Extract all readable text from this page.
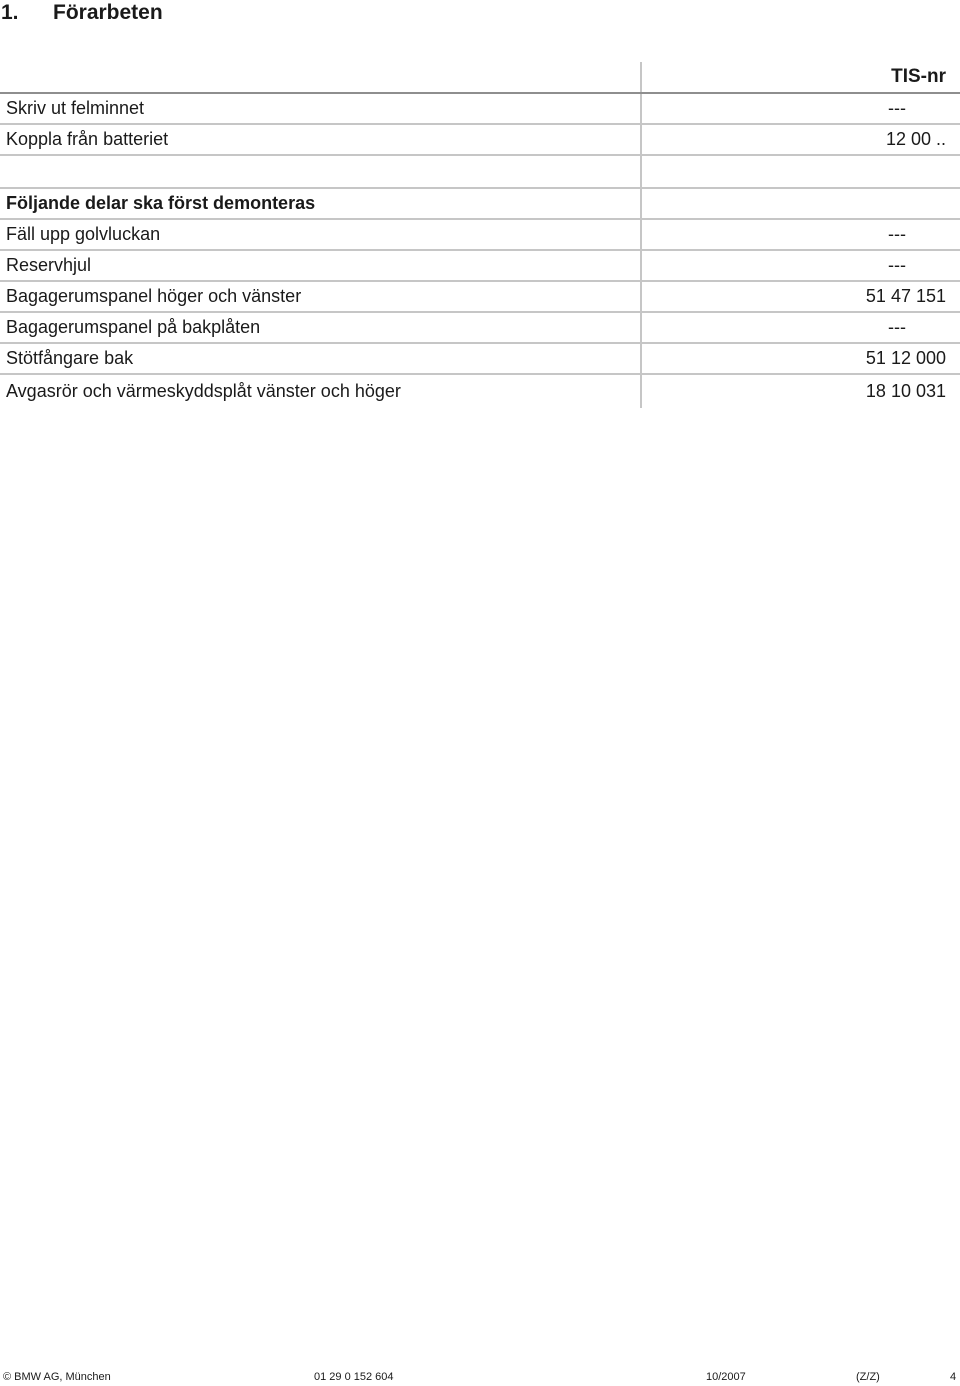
1.	Förarbeten
TIS-nr
Skriv ut felminnet	---
Koppla från batteriet	12 00 ..
Följande delar ska först demonteras
Fäll upp golvluckan	---
Reservhjul	---
Bagagerumspanel höger och vänster	51 47 151
Bagagerumspanel på bakplåten	---
Stötfångare bak	51 12 000
Avgasrör och värmeskyddsplåt vänster och höger	18 10 031
© BMW AG, München	01 29 0 152 604	10/2007	(Z/Z)	4
